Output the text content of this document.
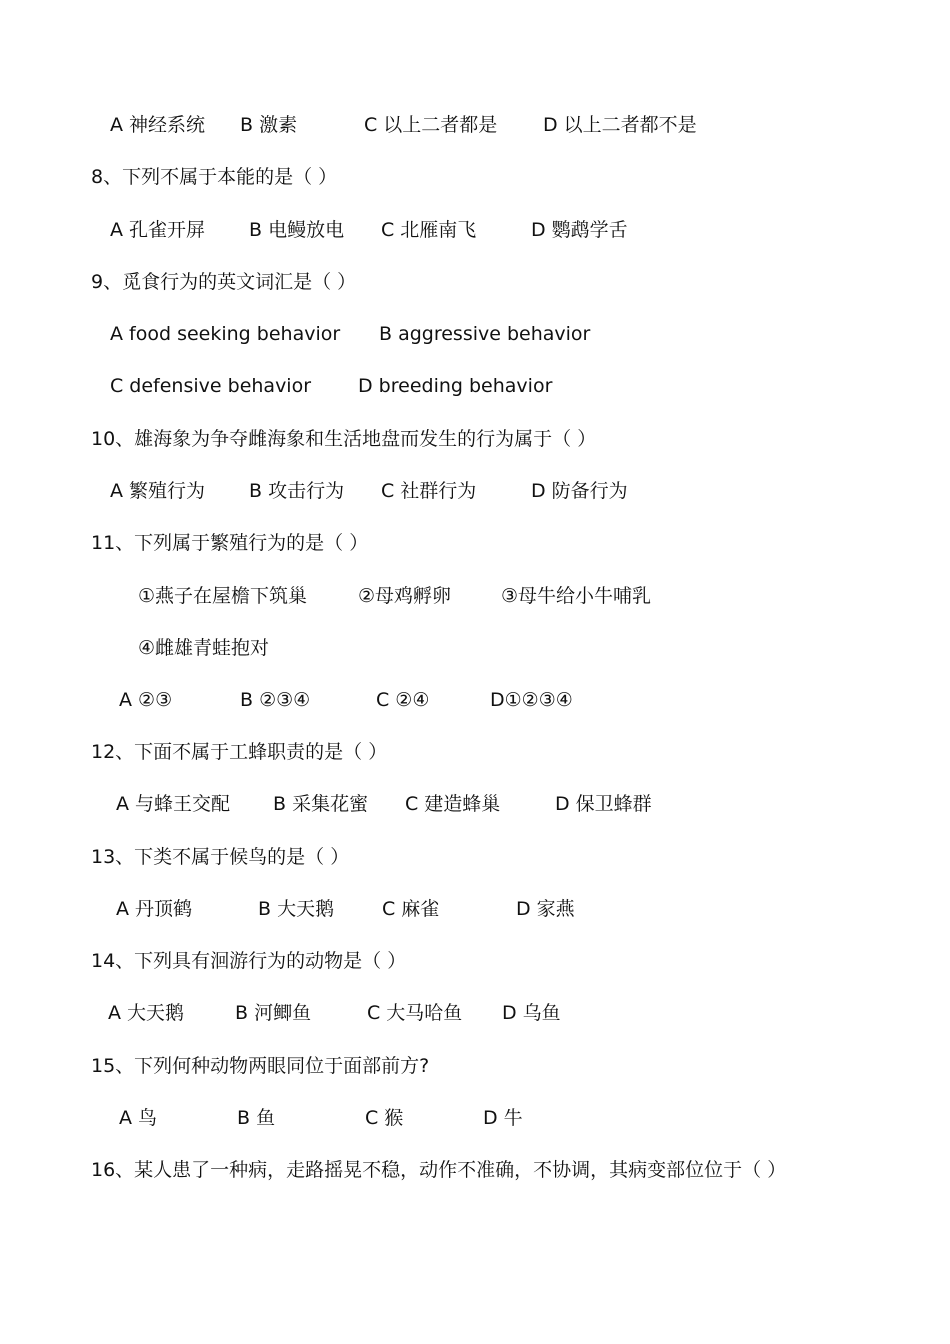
A 神经系统 B 激素	C 以上二者都是 D 以上二者都不是
8、下列不属于本能的是（ ）
A 孔雀开屏 B 电鳗放电 C 北雁南飞	D 鹦鹉学舌
9、觅食行为的英文词汇是（ ）
A food seeking behavior B aggressive behavior
C defensive behavior D breeding behavior
10、雄海象为争夺雌海象和生活地盘而发生的行为属于（ ）
A 繁殖行为 B 攻击行为 C 社群行为	D 防备行为
11、下列属于繁殖行为的是（ ）
①燕子在屋檐下筑巢	②母鸡孵卵	③母牛给小牛哺乳
④雌雄青蛙抱对
A ②③	B ②③④	C ②④	D①②③④
12、下面不属于工蜂职责的是（ ）
A 与蜂王交配 B 采集花蜜 C 建造蜂巢	D 保卫蜂群
13、下类不属于候鸟的是（ ）
A 丹顶鹤	B 大天鹅	C 麻雀	D 家燕
14、下列具有洄游行为的动物是（ ）
A 大天鹅	B 河鲫鱼	C 大马哈鱼 D 乌鱼
15、下列何种动物两眼同位于面部前方?
A 鸟	B 鱼	C 猴	D 牛
16、某人患了一种病，走路摇晃不稳，动作不准确，不协调，其病变部位位于（ ）
